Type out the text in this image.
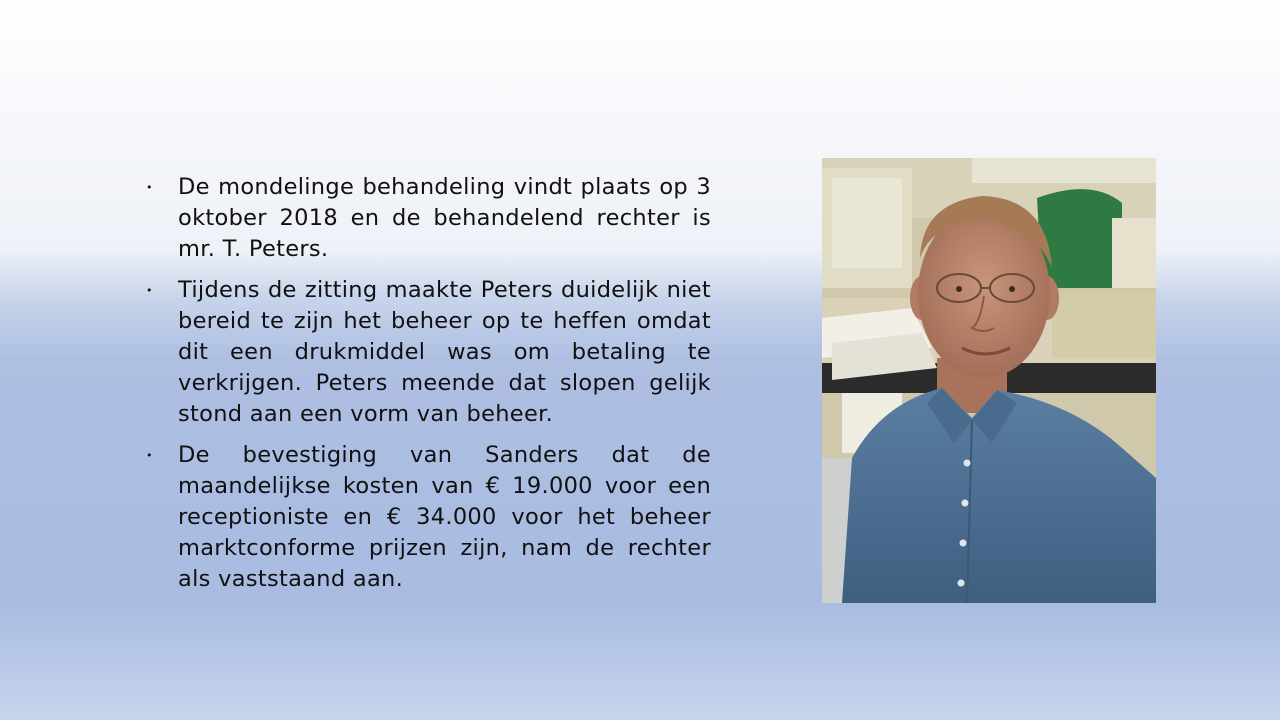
• De mondelinge behandeling vindt plaats op 3 oktober 2018 en de behandelend rechter is mr. T. Peters.
• Tijdens de zitting maakte Peters duidelijk niet bereid te zijn het beheer op te heffen omdat dit een drukmiddel was om betaling te verkrijgen. Peters meende dat slopen gelijk stond aan een vorm van beheer.
• De bevestiging van Sanders dat de maandelijkse kosten van € 19.000 voor een receptioniste en € 34.000 voor het beheer marktconforme prijzen zijn, nam de rechter als vaststaand aan.
